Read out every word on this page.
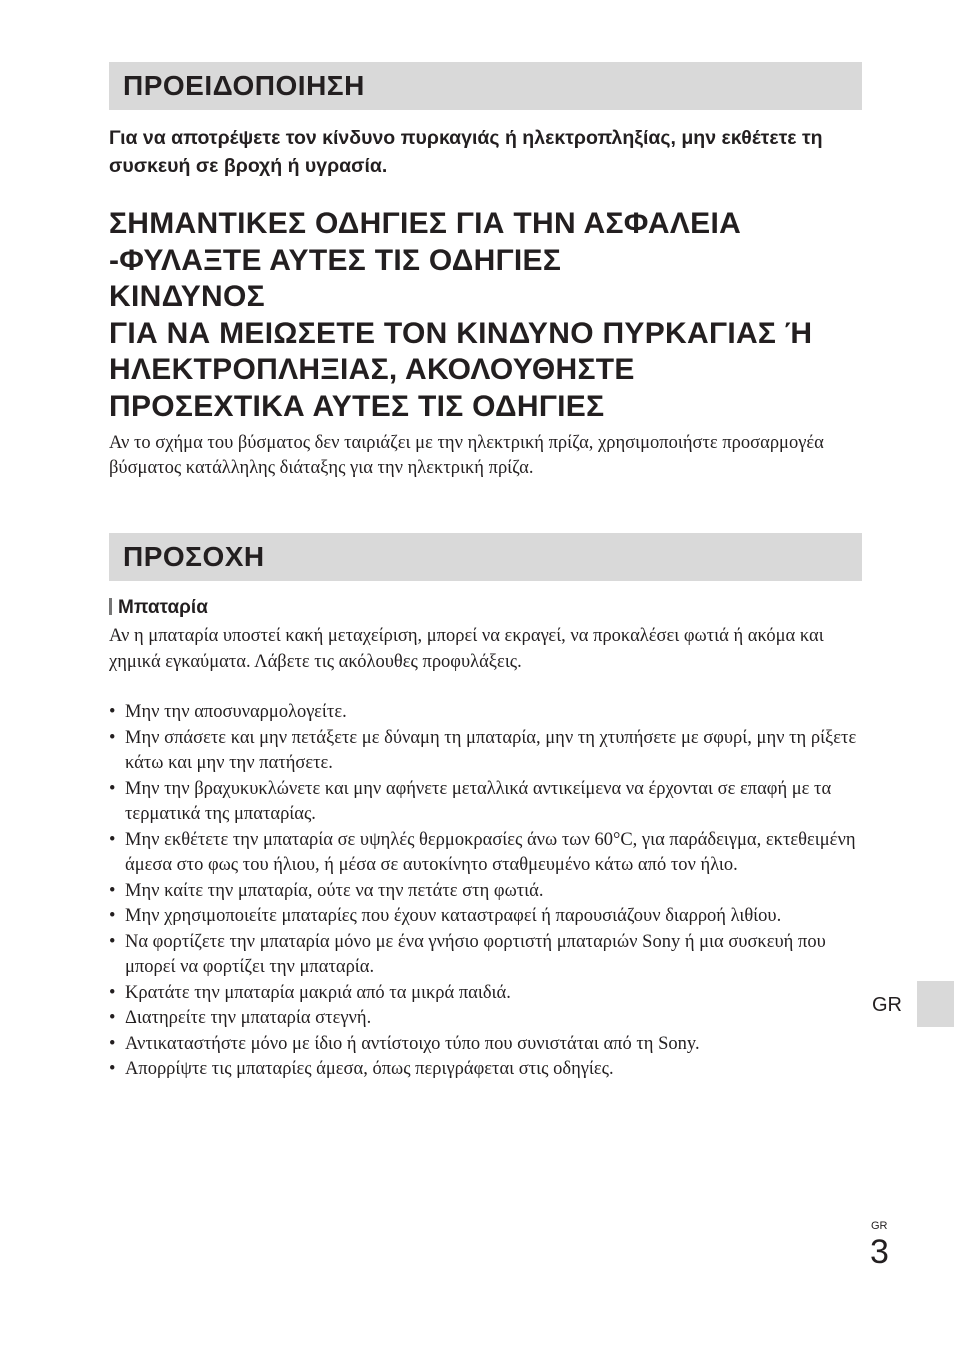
ΠΡΟΕΙΔΟΠΟΙΗΣΗ
Για να αποτρέψετε τον κίνδυνο πυρκαγιάς ή ηλεκτροπληξίας, μην εκθέτετε τη συσκευή σε βροχή ή υγρασία.
ΣΗΜΑΝΤΙΚΕΣ ΟΔΗΓΙΕΣ ΓΙΑ ΤΗΝ ΑΣΦΑΛΕΙΑ
-ΦΥΛΑΞΤΕ ΑΥΤΕΣ ΤΙΣ ΟΔΗΓΙΕΣ
ΚΙΝΔΥΝΟΣ
ΓΙΑ ΝΑ ΜΕΙΩΣΕΤΕ ΤΟΝ ΚΙΝΔΥΝΟ ΠΥΡΚΑΓΙΑΣ Ή
ΗΛΕΚΤΡΟΠΛΗΞΙΑΣ, ΑΚΟΛΟΥΘΗΣΤΕ
ΠΡΟΣΕΧΤΙΚΑ ΑΥΤΕΣ ΤΙΣ ΟΔΗΓΙΕΣ
Αν το σχήμα του βύσματος δεν ταιριάζει με την ηλεκτρική πρίζα, χρησιμοποιήστε προσαρμογέα βύσματος κατάλληλης διάταξης για την ηλεκτρική πρίζα.
ΠΡΟΣΟΧΗ
Μπαταρία
Αν η μπαταρία υποστεί κακή μεταχείριση, μπορεί να εκραγεί, να προκαλέσει φωτιά ή ακόμα και χημικά εγκαύματα. Λάβετε τις ακόλουθες προφυλάξεις.
• Μην την αποσυναρμολογείτε.
• Μην σπάσετε και μην πετάξετε με δύναμη τη μπαταρία, μην τη χτυπήσετε με σφυρί, μην τη ρίξετε κάτω και μην την πατήσετε.
• Μην την βραχυκυκλώνετε και μην αφήνετε μεταλλικά αντικείμενα να έρχονται σε επαφή με τα τερματικά της μπαταρίας.
• Μην εκθέτετε την μπαταρία σε υψηλές θερμοκρασίες άνω των 60°C, για παράδειγμα, εκτεθειμένη άμεσα στο φως του ήλιου, ή μέσα σε αυτοκίνητο σταθμευμένο κάτω από τον ήλιο.
• Μην καίτε την μπαταρία, ούτε να την πετάτε στη φωτιά.
• Μην χρησιμοποιείτε μπαταρίες που έχουν καταστραφεί ή παρουσιάζουν διαρροή λιθίου.
• Να φορτίζετε την μπαταρία μόνο με ένα γνήσιο φορτιστή μπαταριών Sony ή μια συσκευή που μπορεί να φορτίζει την μπαταρία.
• Κρατάτε την μπαταρία μακριά από τα μικρά παιδιά.
• Διατηρείτε την μπαταρία στεγνή.
• Αντικαταστήστε μόνο με ίδιο ή αντίστοιχο τύπο που συνιστάται από τη Sony.
• Απορρίψτε τις μπαταρίες άμεσα, όπως περιγράφεται στις οδηγίες.
GR
GR
3
